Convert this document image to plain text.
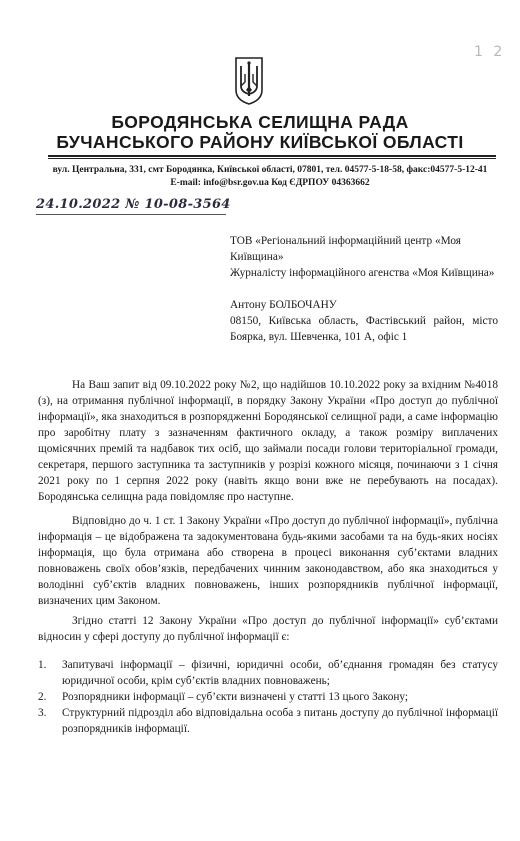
1 2
БОРОДЯНСЬКА СЕЛИЩНА РАДА
БУЧАНСЬКОГО РАЙОНУ КИЇВСЬКОЇ ОБЛАСТІ
вул. Центральна, 331, смт Бородянка, Київської області, 07801, тел. 04577-5-18-58, факс:04577-5-12-41
E-mail: info@bsr.gov.ua Код ЄДРПОУ 04363662
24.10.2022 № 10-08-3564
ТОВ «Регіональний інформаційний центр «Моя Київщина»
Журналісту інформаційного агенства «Моя Київщина»
Антону БОЛБОЧАНУ
08150, Київська область, Фастівський район, місто Боярка, вул. Шевченка, 101 А, офіс 1
На Ваш запит від 09.10.2022 року №2, що надійшов 10.10.2022 року за вхідним №4018 (з), на отримання публічної інформації, в порядку Закону України «Про доступ до публічної інформації», яка знаходиться в розпорядженні Бородянської селищної ради, а саме інформацію про заробітну плату з зазначенням фактичного окладу, а також розміру виплачених щомісячних премій та надбавок тих осіб, що займали посади голови територіальної громади, секретаря, першого заступника та заступників у розрізі кожного місяця, починаючи з 1 січня 2021 року по 1 серпня 2022 року (навіть якщо вони вже не перебувають на посадах). Бородянська селищна рада повідомляє про наступне.
Відповідно до ч. 1 ст. 1 Закону України «Про доступ до публічної інформації», публічна інформація – це відображена та задокументована будь-якими засобами та на будь-яких носіях інформація, що була отримана або створена в процесі виконання суб’єктами владних повноважень своїх обов’язків, передбачених чинним законодавством, або яка знаходиться у володінні суб’єктів владних повноважень, інших розпорядників публічної інформації, визначених цим Законом.
Згідно статті 12 Закону України «Про доступ до публічної інформації» суб’єктами відносин у сфері доступу до публічної інформації є:
1.	Запитувачі інформації – фізичні, юридичні особи, об’єднання громадян без статусу юридичної особи, крім суб’єктів владних повноважень;
2.	Розпорядники інформації – суб’єкти визначені у статті 13 цього Закону;
3.	Структурний підрозділ або відповідальна особа з питань доступу до публічної інформації розпорядників інформації.
